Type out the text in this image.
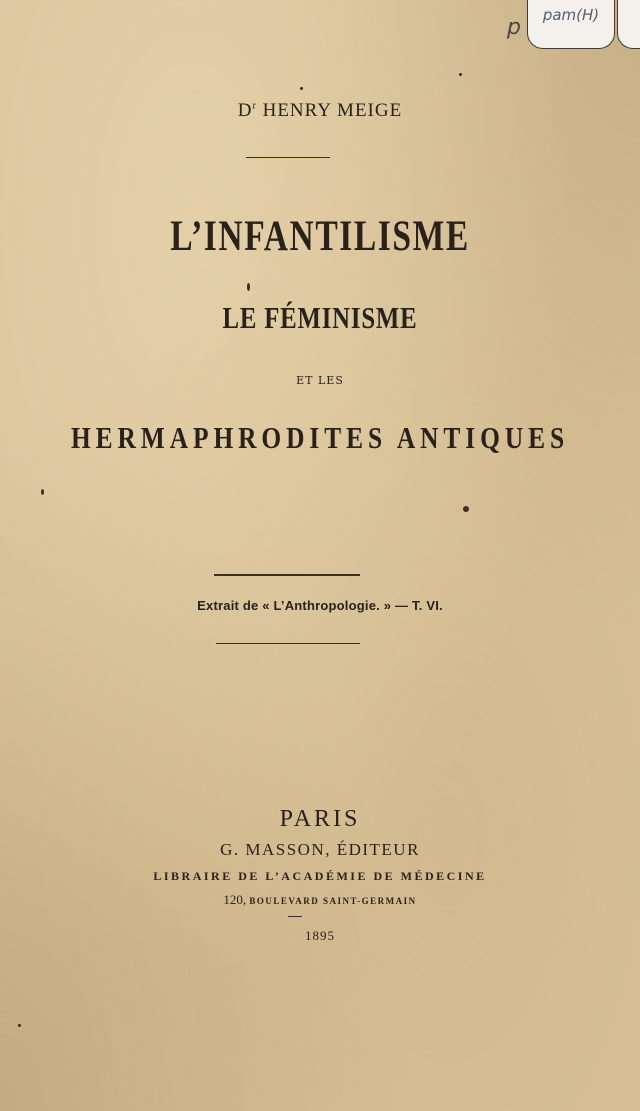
pam(H)
p
$D^r$ HENRY MEIGE
L’INFANTILISME
LE FÉMINISME
ET LES
HERMAPHRODITES ANTIQUES
Extrait de « L’Anthropologie. » — T. VI.
PARIS
G. MASSON, ÉDITEUR
LIBRAIRE DE L’ACADÉMIE DE MÉDECINE
120, BOULEVARD SAINT-GERMAIN
1895
